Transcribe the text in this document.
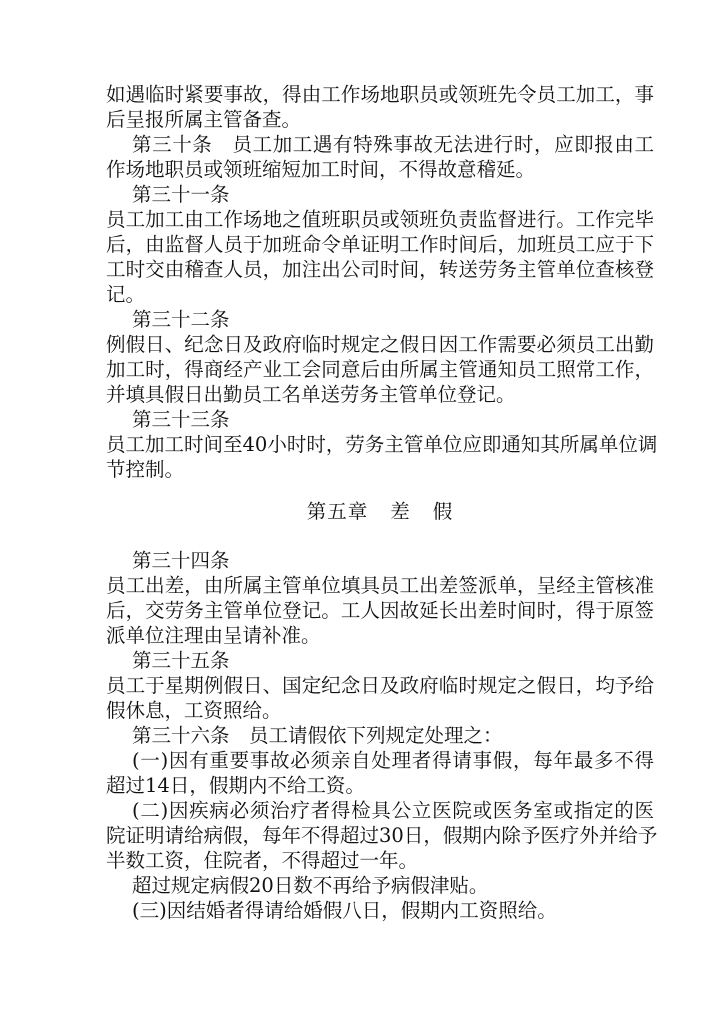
如遇临时紧要事故，得由工作场地职员或领班先令员工加工，事
后呈报所属主管备查。
第三十条　员工加工遇有特殊事故无法进行时，应即报由工
作场地职员或领班缩短加工时间，不得故意稽延。
第三十一条
员工加工由工作场地之值班职员或领班负责监督进行。工作完毕
后，由监督人员于加班命令单证明工作时间后，加班员工应于下
工时交由稽查人员，加注出公司时间，转送劳务主管单位查核登
记。
第三十二条
例假日、纪念日及政府临时规定之假日因工作需要必须员工出勤
加工时，得商经产业工会同意后由所属主管通知员工照常工作，
并填具假日出勤员工名单送劳务主管单位登记。
第三十三条
员工加工时间至40小时时，劳务主管单位应即通知其所属单位调
节控制。
第五章 差 假
第三十四条
员工出差，由所属主管单位填具员工出差签派单，呈经主管核准
后，交劳务主管单位登记。工人因故延长出差时间时，得于原签
派单位注理由呈请补准。
第三十五条
员工于星期例假日、国定纪念日及政府临时规定之假日，均予给
假休息，工资照给。
第三十六条　员工请假依下列规定处理之：
(一)因有重要事故必须亲自处理者得请事假，每年最多不得
超过14日，假期内不给工资。
(二)因疾病必须治疗者得检具公立医院或医务室或指定的医
院证明请给病假，每年不得超过30日，假期内除予医疗外并给予
半数工资，住院者，不得超过一年。
超过规定病假20日数不再给予病假津贴。
(三)因结婚者得请给婚假八日，假期内工资照给。
